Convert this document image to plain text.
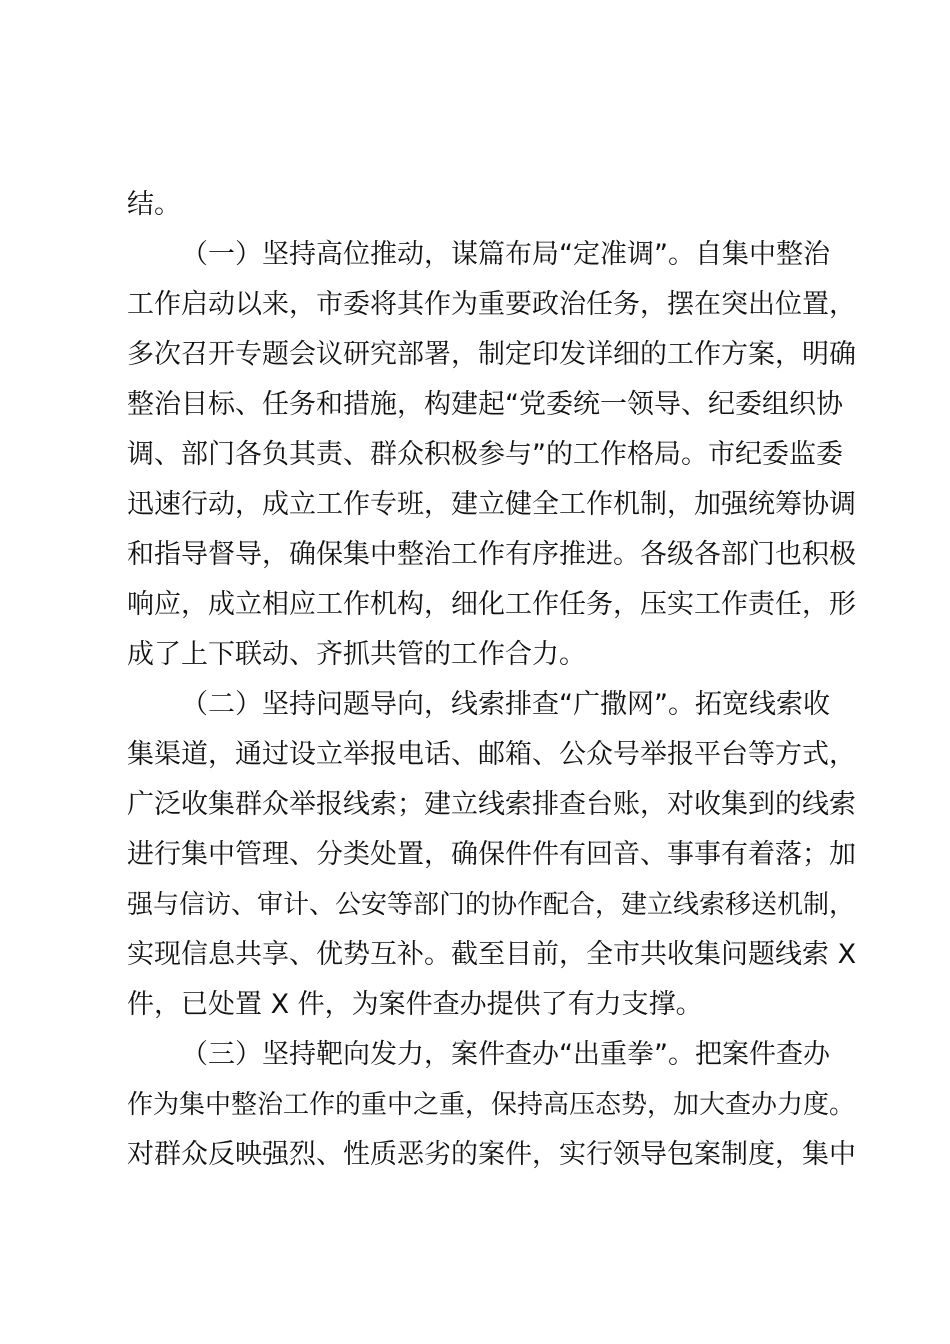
结。
（一）坚持高位推动，谋篇布局“定准调”。自集中整治
工作启动以来，市委将其作为重要政治任务，摆在突出位置，
多次召开专题会议研究部署，制定印发详细的工作方案，明确
整治目标、任务和措施，构建起“党委统一领导、纪委组织协
调、部门各负其责、群众积极参与”的工作格局。市纪委监委
迅速行动，成立工作专班，建立健全工作机制，加强统筹协调
和指导督导，确保集中整治工作有序推进。各级各部门也积极
响应，成立相应工作机构，细化工作任务，压实工作责任，形
成了上下联动、齐抓共管的工作合力。
（二）坚持问题导向，线索排查“广撒网”。拓宽线索收
集渠道，通过设立举报电话、邮箱、公众号举报平台等方式，
广泛收集群众举报线索；建立线索排查台账，对收集到的线索
进行集中管理、分类处置，确保件件有回音、事事有着落；加
强与信访、审计、公安等部门的协作配合，建立线索移送机制，
实现信息共享、优势互补。截至目前，全市共收集问题线索 X
件，已处置 X 件，为案件查办提供了有力支撑。
（三）坚持靶向发力，案件查办“出重拳”。把案件查办
作为集中整治工作的重中之重，保持高压态势，加大查办力度。
对群众反映强烈、性质恶劣的案件，实行领导包案制度，集中
